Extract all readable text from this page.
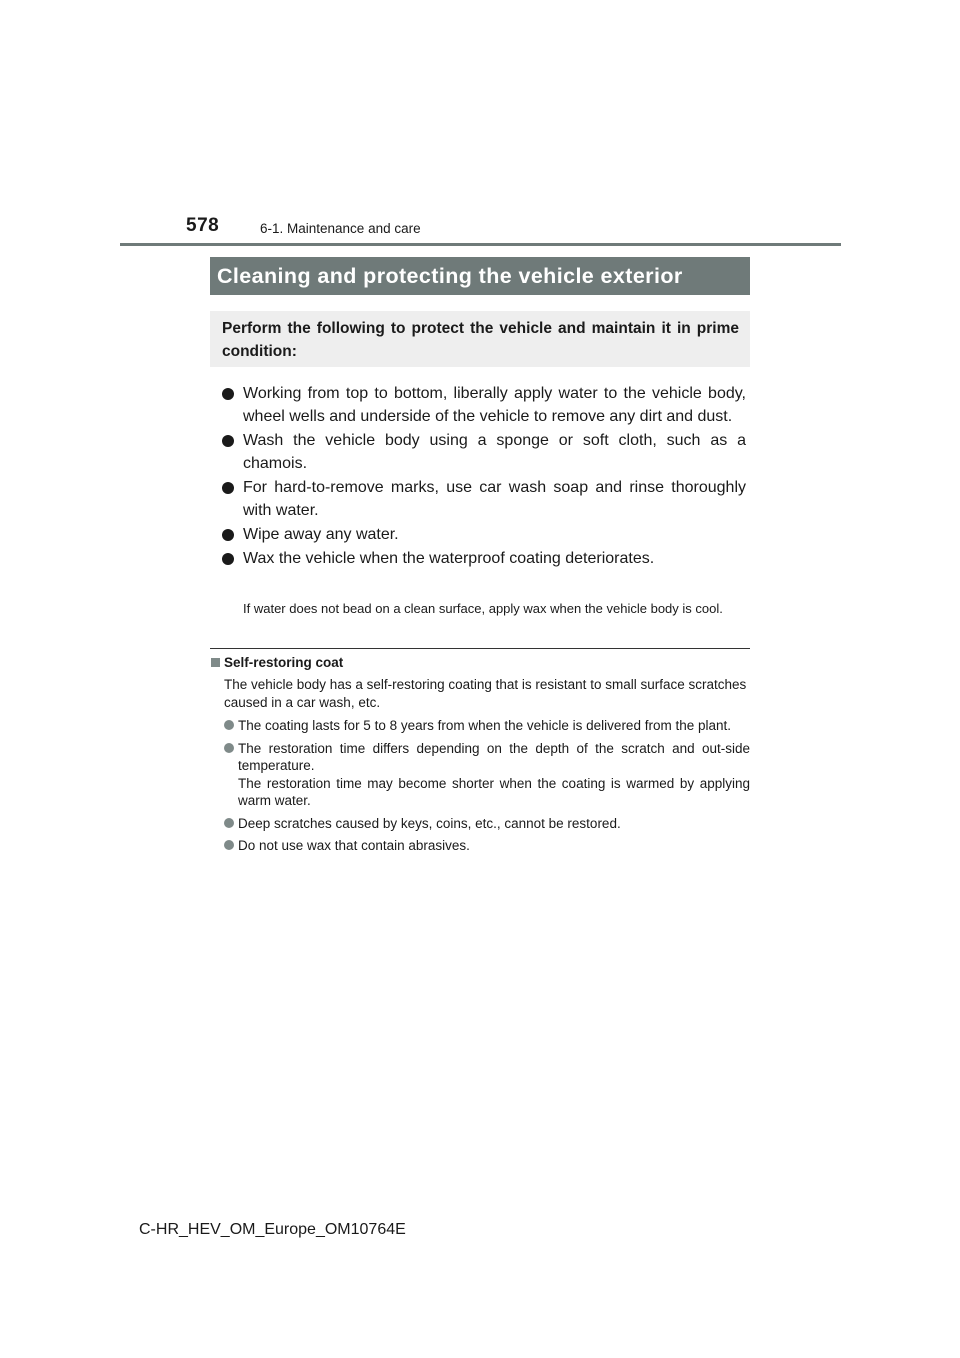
578	6-1. Maintenance and care
Cleaning and protecting the vehicle exterior
Perform the following to protect the vehicle and maintain it in prime condition:
Working from top to bottom, liberally apply water to the vehicle body, wheel wells and underside of the vehicle to remove any dirt and dust.
Wash the vehicle body using a sponge or soft cloth, such as a chamois.
For hard-to-remove marks, use car wash soap and rinse thoroughly with water.
Wipe away any water.
Wax the vehicle when the waterproof coating deteriorates.
If water does not bead on a clean surface, apply wax when the vehicle body is cool.
Self-restoring coat
The vehicle body has a self-restoring coating that is resistant to small surface scratches caused in a car wash, etc.
The coating lasts for 5 to 8 years from when the vehicle is delivered from the plant.
The restoration time differs depending on the depth of the scratch and out-side temperature.
The restoration time may become shorter when the coating is warmed by applying warm water.
Deep scratches caused by keys, coins, etc., cannot be restored.
Do not use wax that contain abrasives.
C-HR_HEV_OM_Europe_OM10764E
